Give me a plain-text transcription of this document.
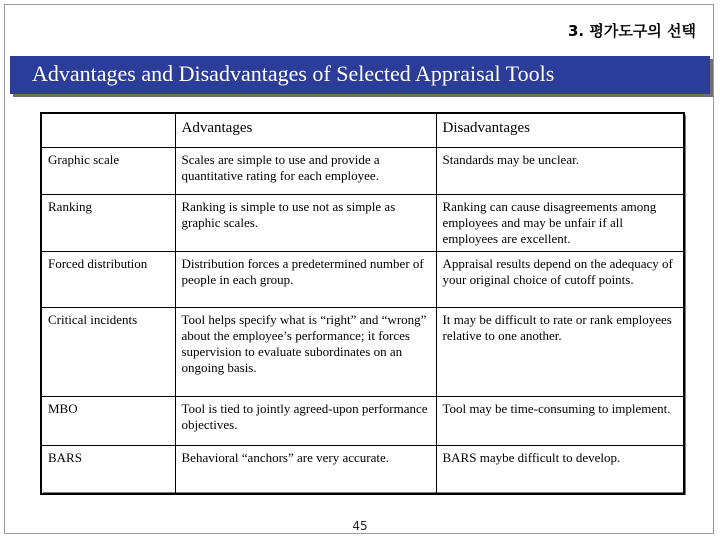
3. 평가도구의 선택
Advantages and Disadvantages of Selected Appraisal Tools
	Advantages	Disadvantages
Graphic scale	Scales are simple to use and provide a quantitative rating for each employee.	Standards may be unclear.
Ranking	Ranking is simple to use not as simple as graphic scales.	Ranking can cause disagreements among employees and may be unfair if all employees are excellent.
Forced distribution	Distribution forces a predetermined number of people in each group.	Appraisal results depend on the adequacy of your original choice of cutoff points.
Critical incidents	Tool helps specify what is “right” and “wrong” about the employee’s performance; it forces supervision to evaluate subordinates on an ongoing basis.	It may be difficult to rate or rank employees relative to one another.
MBO	Tool is tied to jointly agreed-upon performance objectives.	Tool may be time-consuming to implement.
BARS	Behavioral “anchors” are very accurate.	BARS maybe difficult to develop.
45
